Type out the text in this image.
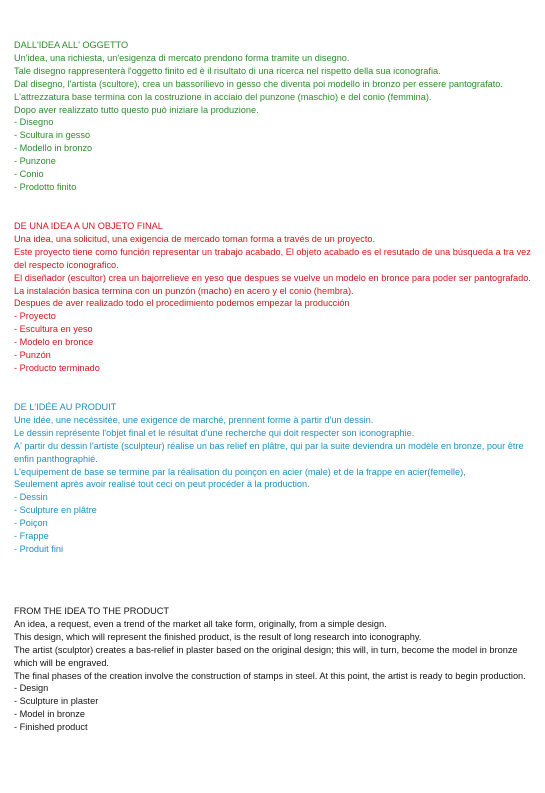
DALL'IDEA ALL' OGGETTO

Un'idea, una richiesta, un'esigenza di mercato prendono forma tramite un disegno.

Tale disegno rappresenterà l'oggetto finito ed è il risultato di una ricerca nel rispetto della sua iconografia.

Dal disegno, l'artista (scultore), crea un bassorilievo in gesso che diventa poi modello in bronzo per essere pantografato.

L'attrezzatura base termina con la costruzione in acciaio del punzone (maschio) e del conio (femmina).

Dopo aver realizzato tutto questo può iniziare la produzione.

- Disegno
- Scultura in gesso
- Modello in bronzo
- Punzone
- Conio
- Prodotto finito

DE UNA IDEA A UN OBJETO FINAL

Una idea, una solicitud, una exigencia de mercado toman forma a través de un proyecto.

Este proyecto tiene como función representar un trabajo acabado, El objeto acabado es el resutado de una búsqueda a tra vez del respecto iconografico.

El diseñador (escultor) crea un bajorrelieve en yeso que despues se vuelve un modelo en bronce para poder ser pantografado.

La instalación basica termina con un punzón (macho) en acero y el conio (hembra).

Despues de aver realizado todo el procedimiento podemos empezar la producción

- Proyecto
- Escultura en yeso
- Modelo en bronce
- Punzón
- Producto terminado

DE L'IDÉE AU PRODUIT

Une idée, une necéssitée, une exigence de marché, prennent forme à partir d'un dessin.

Le dessin représente l'objet final et le résultat d'une recherche qui doit respecter son iconographie.

A' partir du dessin l'artiste (sculpteur) réalise un bas relief en plâtre, qui par la suite deviendra un modèle en bronze, pour être enfin panthographié.

L'equipement de base se termine par la réalisation du poinçon en acier (male) et de la frappe en acier(femelle),

Seulement après avoir realisé tout ceci on peut procéder à la production.

- Dessin
- Sculpture en plâtre
- Poiçon
- Frappe
- Produit fini

FROM THE IDEA TO THE PRODUCT

An idea, a request, even a trend of the market all take form, originally, from a simple design.

This design, which will represent the finished product, is the result of long research into iconography.

The artist (sculptor) creates a bas-relief in plaster based on the original design; this will, in turn, become the model in bronze which will be engraved.

The final phases of the creation involve the construction of stamps in steel. At this point, the artist is ready to begin production.

- Design
- Sculpture in plaster
- Model in bronze
- Finished product
